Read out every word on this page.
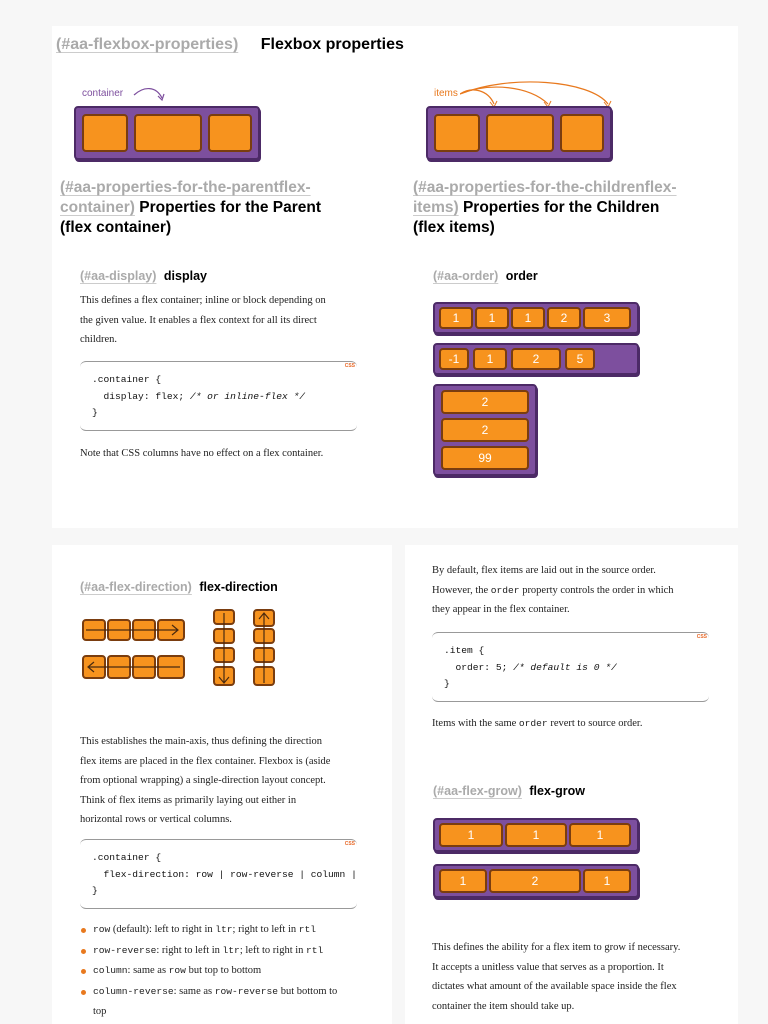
(#aa-flexbox-properties) Flexbox properties
container	items
(#aa-properties-for-the-parentflex-
container) Properties for the Parent
(flex container)
(#aa-properties-for-the-childrenflex-
items) Properties for the Children
(flex items)
(#aa-display) display
This defines a flex container; inline or block depending on
the given value. It enables a flex context for all its direct
children.
CSS
.container {
display: flex; /* or inline-flex */
}
Note that CSS columns have no effect on a flex container.
(#aa-order) order
1	1	1	2	3
-1	1	2	5
2
2
99
By default, flex items are laid out in the source order.
However, the order property controls the order in which
they appear in the flex container.
CSS
.item {
order: 5; /* default is 0 */
}
Items with the same order revert to source order.
(#aa-flex-direction) flex-direction
This establishes the main-axis, thus defining the direction
flex items are placed in the flex container. Flexbox is (aside
from optional wrapping) a single-direction layout concept.
Think of flex items as primarily laying out either in
horizontal rows or vertical columns.
CSS
.container {
flex-direction: row | row-reverse | column |
}
row (default): left to right in ltr; right to left in rtl
row-reverse: right to left in ltr; left to right in rtl
column: same as row but top to bottom
column-reverse: same as row-reverse but bottom to
top
(#aa-flex-grow) flex-grow
1	1	1
1	2	1
This defines the ability for a flex item to grow if necessary.
It accepts a unitless value that serves as a proportion. It
dictates what amount of the available space inside the flex
container the item should take up.
